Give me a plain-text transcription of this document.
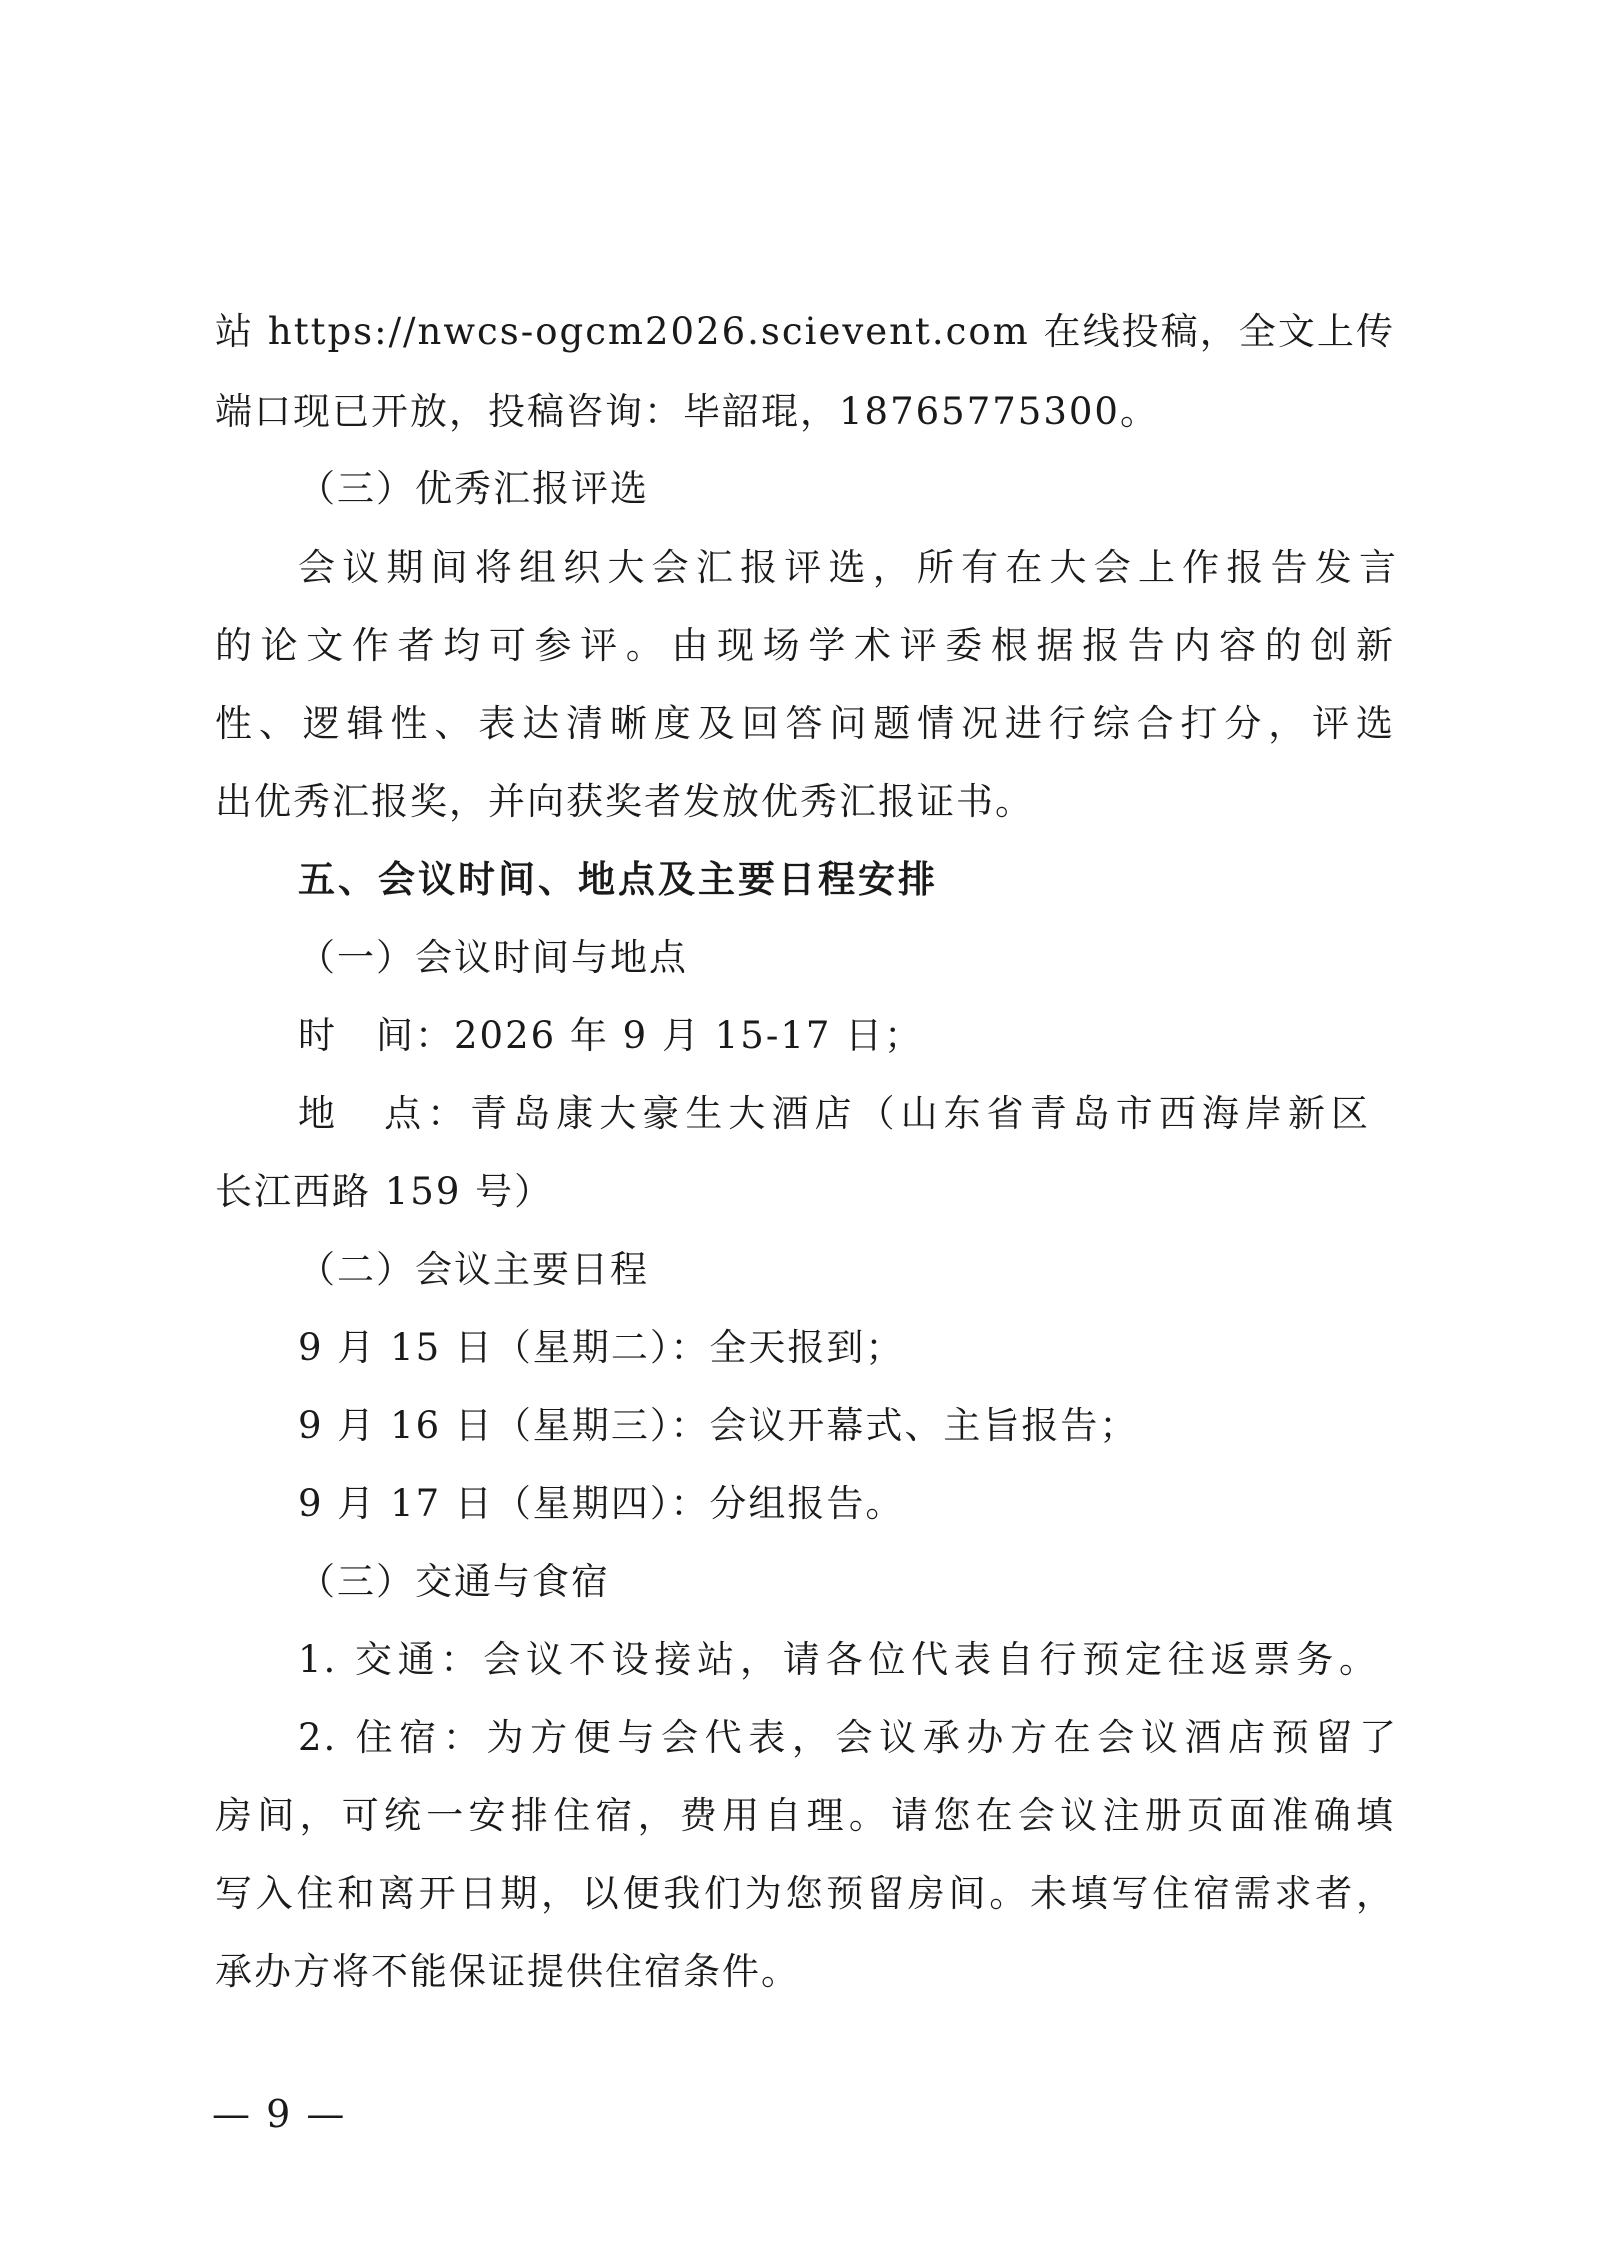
站 https://nwcs-ogcm2026.scievent.com 在线投稿，全文上传
端口现已开放，投稿咨询：毕韶琨，18765775300。
（三）优秀汇报评选
会议期间将组织大会汇报评选，所有在大会上作报告发言
的论文作者均可参评。由现场学术评委根据报告内容的创新
性、逻辑性、表达清晰度及回答问题情况进行综合打分，评选
出优秀汇报奖，并向获奖者发放优秀汇报证书。
五、会议时间、地点及主要日程安排
（一）会议时间与地点
时　间：2026 年 9 月 15-17 日；
地　点：青岛康大豪生大酒店（山东省青岛市西海岸新区
长江西路 159 号）
（二）会议主要日程
9 月 15 日（星期二）：全天报到；
9 月 16 日（星期三）：会议开幕式、主旨报告；
9 月 17 日（星期四）：分组报告。
（三）交通与食宿
1. 交通：会议不设接站，请各位代表自行预定往返票务。
2. 住宿：为方便与会代表，会议承办方在会议酒店预留了
房间，可统一安排住宿，费用自理。请您在会议注册页面准确填
写入住和离开日期，以便我们为您预留房间。未填写住宿需求者，
承办方将不能保证提供住宿条件。
— 9 —
